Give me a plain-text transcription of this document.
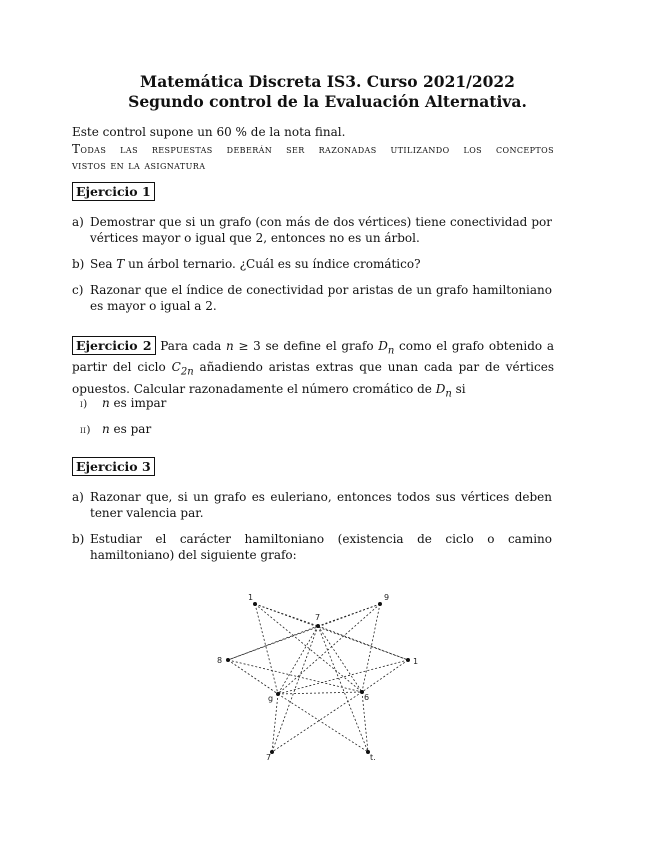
Matemática Discreta IS3. Curso 2021/2022
Segundo control de la Evaluación Alternativa.
Este control supone un 60 % de la nota final.
Todas las respuestas deberán ser razonadas utilizando los conceptos
vistos en la asignatura
Ejercicio 1
a) Demostrar que si un grafo (con más de dos vértices) tiene conectividad por vértices mayor o igual que 2, entonces no es un árbol.
b) Sea T un árbol ternario. ¿Cuál es su índice cromático?
c) Razonar que el índice de conectividad por aristas de un grafo hamiltoniano es mayor o igual a 2.
Ejercicio 2 Para cada n ≥ 3 se define el grafo $D_n$ como el grafo obtenido a partir del ciclo $C_{2n}$ añadiendo aristas extras que unan cada par de vértices opuestos. Calcular razonadamente el número cromático de $D_n$ si
i) n es impar
ii) n es par
Ejercicio 3
a) Razonar que, si un grafo es euleriano, entonces todos sus vértices deben tener valencia par.
b) Estudiar el carácter hamiltoniano (existencia de ciclo o camino hamiltoniano) del siguiente grafo:
1
7
9
8	1
g	6
7	t.
